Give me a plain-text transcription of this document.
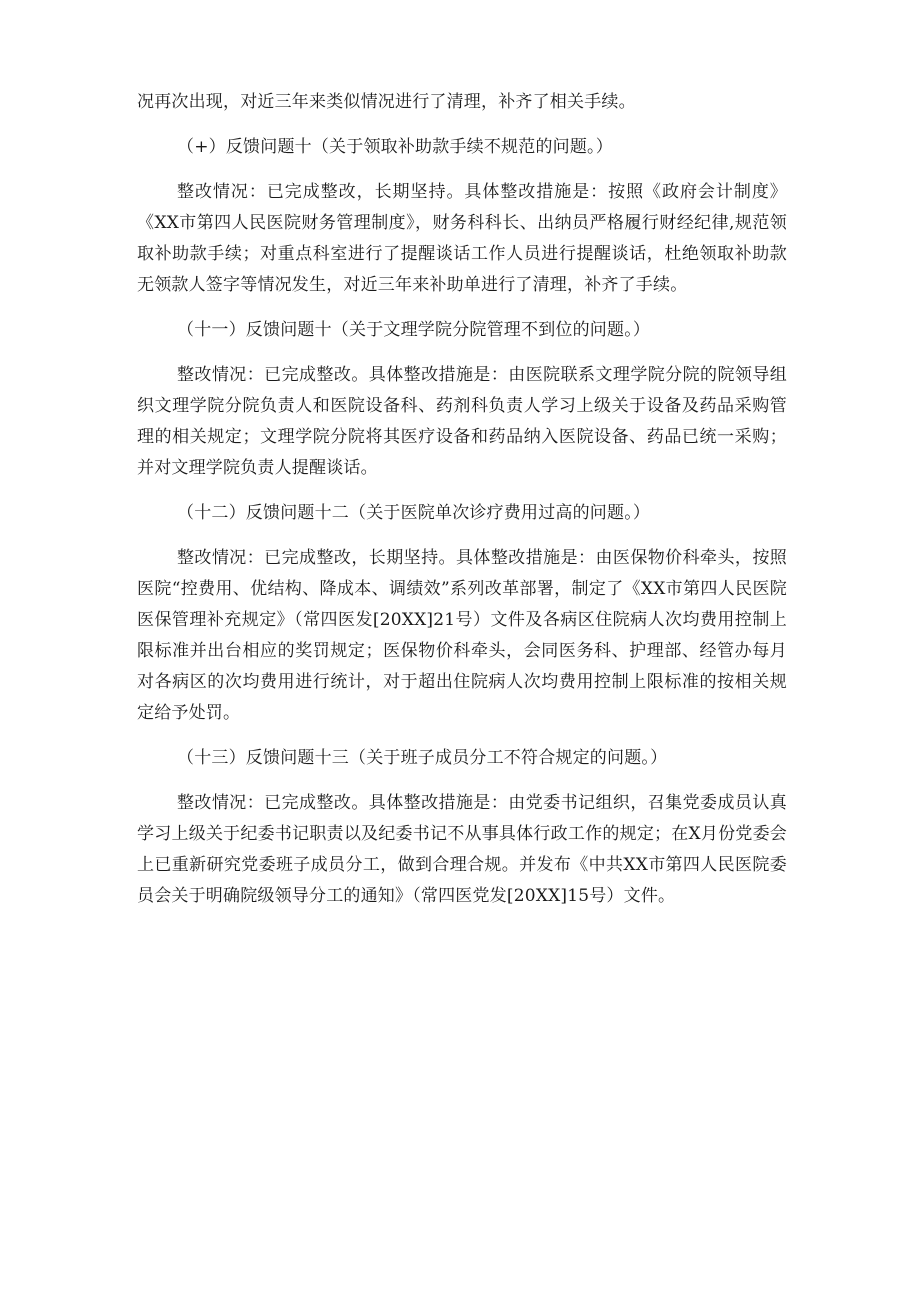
况再次出现，对近三年来类似情况进行了清理，补齐了相关手续。

（+）反馈问题十（关于领取补助款手续不规范的问题。）

整改情况：已完成整改，长期坚持。具体整改措施是：按照《政府会计制度》《XX市第四人民医院财务管理制度》，财务科科长、出纳员严格履行财经纪律,规范领取补助款手续；对重点科室进行了提醒谈话工作人员进行提醒谈话，杜绝领取补助款无领款人签字等情况发生，对近三年来补助单进行了清理，补齐了手续。

（十一）反馈问题十（关于文理学院分院管理不到位的问题。）

整改情况：已完成整改。具体整改措施是：由医院联系文理学院分院的院领导组织文理学院分院负责人和医院设备科、药剂科负责人学习上级关于设备及药品采购管理的相关规定；文理学院分院将其医疗设备和药品纳入医院设备、药品已统一采购；并对文理学院负责人提醒谈话。

（十二）反馈问题十二（关于医院单次诊疗费用过高的问题。）

整改情况：已完成整改，长期坚持。具体整改措施是：由医保物价科牵头，按照医院“控费用、优结构、降成本、调绩效”系列改革部署，制定了《XX市第四人民医院医保管理补充规定》（常四医发[20XX]21号）文件及各病区住院病人次均费用控制上限标准并出台相应的奖罚规定；医保物价科牵头，会同医务科、护理部、经管办每月对各病区的次均费用进行统计，对于超出住院病人次均费用控制上限标准的按相关规定给予处罚。

（十三）反馈问题十三（关于班子成员分工不符合规定的问题。）

整改情况：已完成整改。具体整改措施是：由党委书记组织，召集党委成员认真学习上级关于纪委书记职责以及纪委书记不从事具体行政工作的规定；在X月份党委会上已重新研究党委班子成员分工，做到合理合规。并发布《中共XX市第四人民医院委员会关于明确院级领导分工的通知》（常四医党发[20XX]15号）文件。
